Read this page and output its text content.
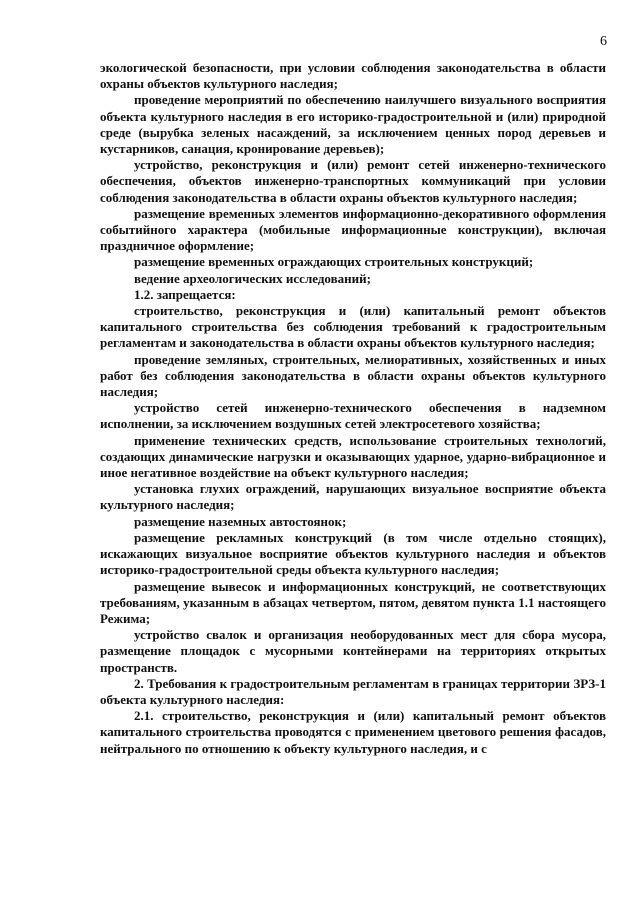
6

экологической безопасности, при условии соблюдения законодательства в области охраны объектов культурного наследия;

проведение мероприятий по обеспечению наилучшего визуального восприятия объекта культурного наследия в его историко-градостроительной и (или) природной среде (вырубка зеленых насаждений, за исключением ценных пород деревьев и кустарников, санация, кронирование деревьев);

устройство, реконструкция и (или) ремонт сетей инженерно-технического обеспечения, объектов инженерно-транспортных коммуникаций при условии соблюдения законодательства в области охраны объектов культурного наследия;

размещение временных элементов информационно-декоративного оформления событийного характера (мобильные информационные конструкции), включая праздничное оформление;

размещение временных ограждающих строительных конструкций;

ведение археологических исследований;

1.2. запрещается:

строительство, реконструкция и (или) капитальный ремонт объектов капитального строительства без соблюдения требований к градостроительным регламентам и законодательства в области охраны объектов культурного наследия;

проведение земляных, строительных, мелиоративных, хозяйственных и иных работ без соблюдения законодательства в области охраны объектов культурного наследия;

устройство сетей инженерно-технического обеспечения в надземном исполнении, за исключением воздушных сетей электросетевого хозяйства;

применение технических средств, использование строительных технологий, создающих динамические нагрузки и оказывающих ударное, ударно-вибрационное и иное негативное воздействие на объект культурного наследия;

установка глухих ограждений, нарушающих визуальное восприятие объекта культурного наследия;

размещение наземных автостоянок;

размещение рекламных конструкций (в том числе отдельно стоящих), искажающих визуальное восприятие объектов культурного наследия и объектов историко-градостроительной среды объекта культурного наследия;

размещение вывесок и информационных конструкций, не соответствующих требованиям, указанным в абзацах четвертом, пятом, девятом пункта 1.1 настоящего Режима;

устройство свалок и организация необорудованных мест для сбора мусора, размещение площадок с мусорными контейнерами на территориях открытых пространств.

2. Требования к градостроительным регламентам в границах территории ЗРЗ-1 объекта культурного наследия:

2.1. строительство, реконструкция и (или) капитальный ремонт объектов капитального строительства проводятся с применением цветового решения фасадов, нейтрального по отношению к объекту культурного наследия, и с
